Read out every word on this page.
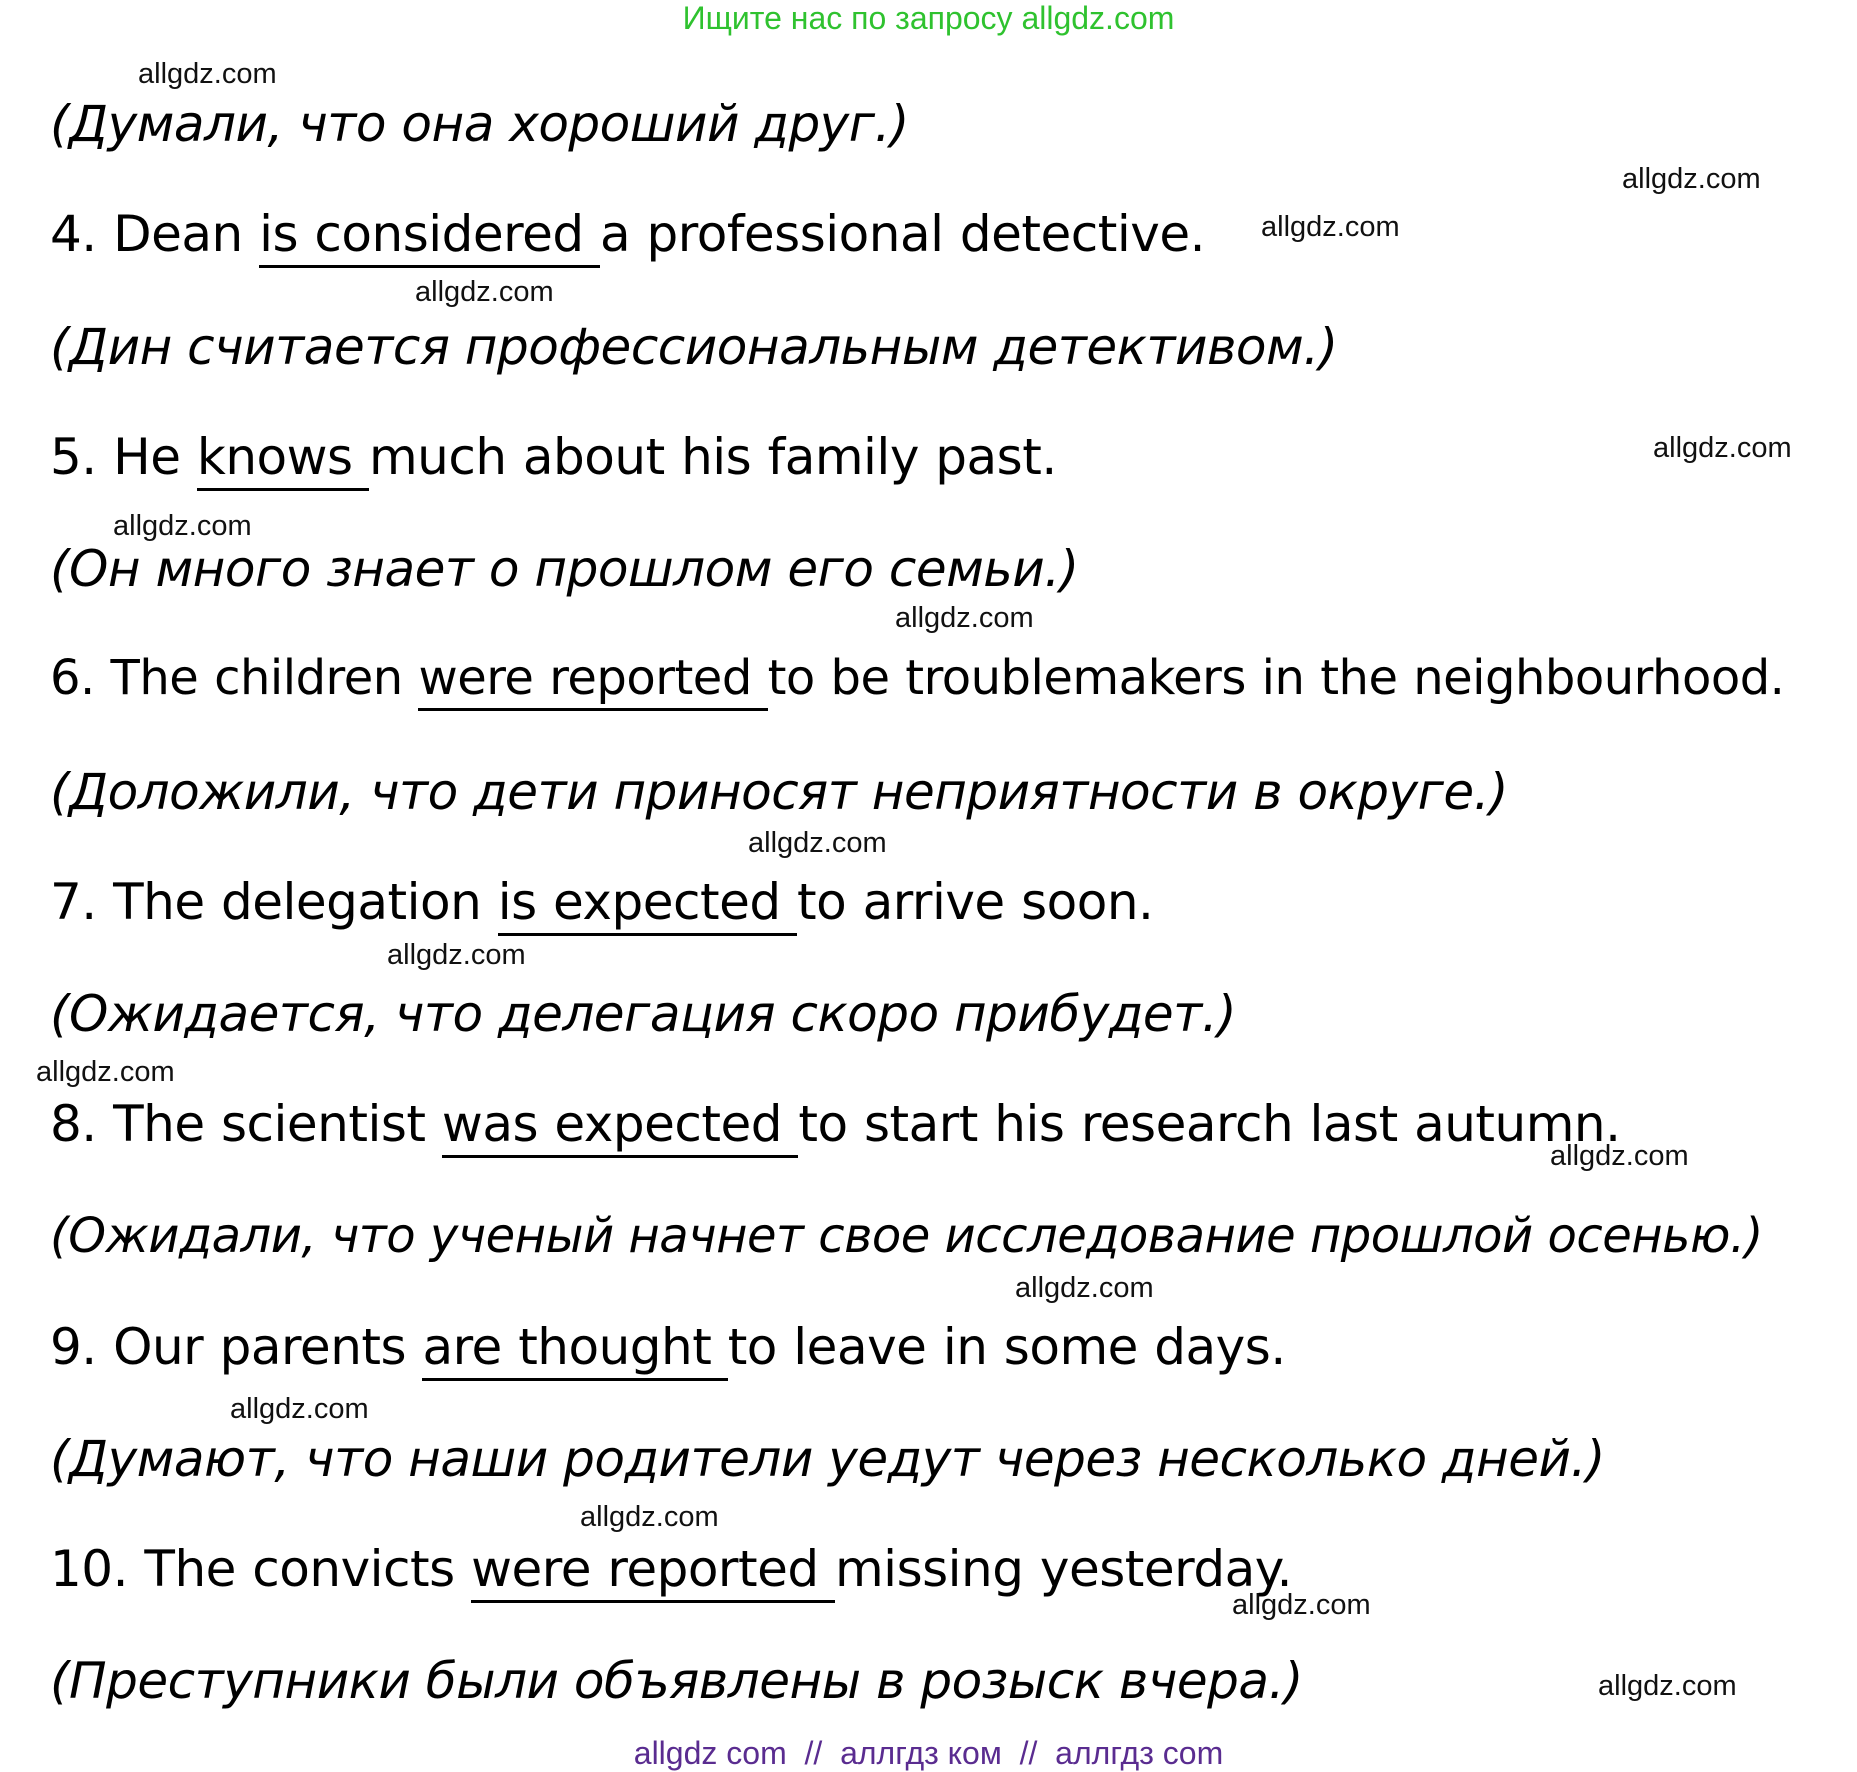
Ищите нас по запросу allgdz.com
allgdz.com
allgdz.com
allgdz.com
allgdz.com
allgdz.com
allgdz.com
allgdz.com
allgdz.com
allgdz.com
allgdz.com
allgdz.com
allgdz.com
allgdz.com
allgdz.com
allgdz.com
allgdz.com
(Думали, что она хороший друг.)
4. Dean is considered a professional detective.
(Дин считается профессиональным детективом.)
5. He knows much about his family past.
(Он много знает о прошлом его семьи.)
6. The children were reported to be troublemakers in the neighbourhood.
(Доложили, что дети приносят неприятности в округе.)
7. The delegation is expected to arrive soon.
(Ожидается, что делегация скоро прибудет.)
8. The scientist was expected to start his research last autumn.
(Ожидали, что ученый начнет свое исследование прошлой осенью.)
9. Our parents are thought to leave in some days.
(Думают, что наши родители уедут через несколько дней.)
10. The convicts were reported missing yesterday.
(Преступники были объявлены в розыск вчера.)
allgdz com  //  аллгдз ком  //  аллгдз com
